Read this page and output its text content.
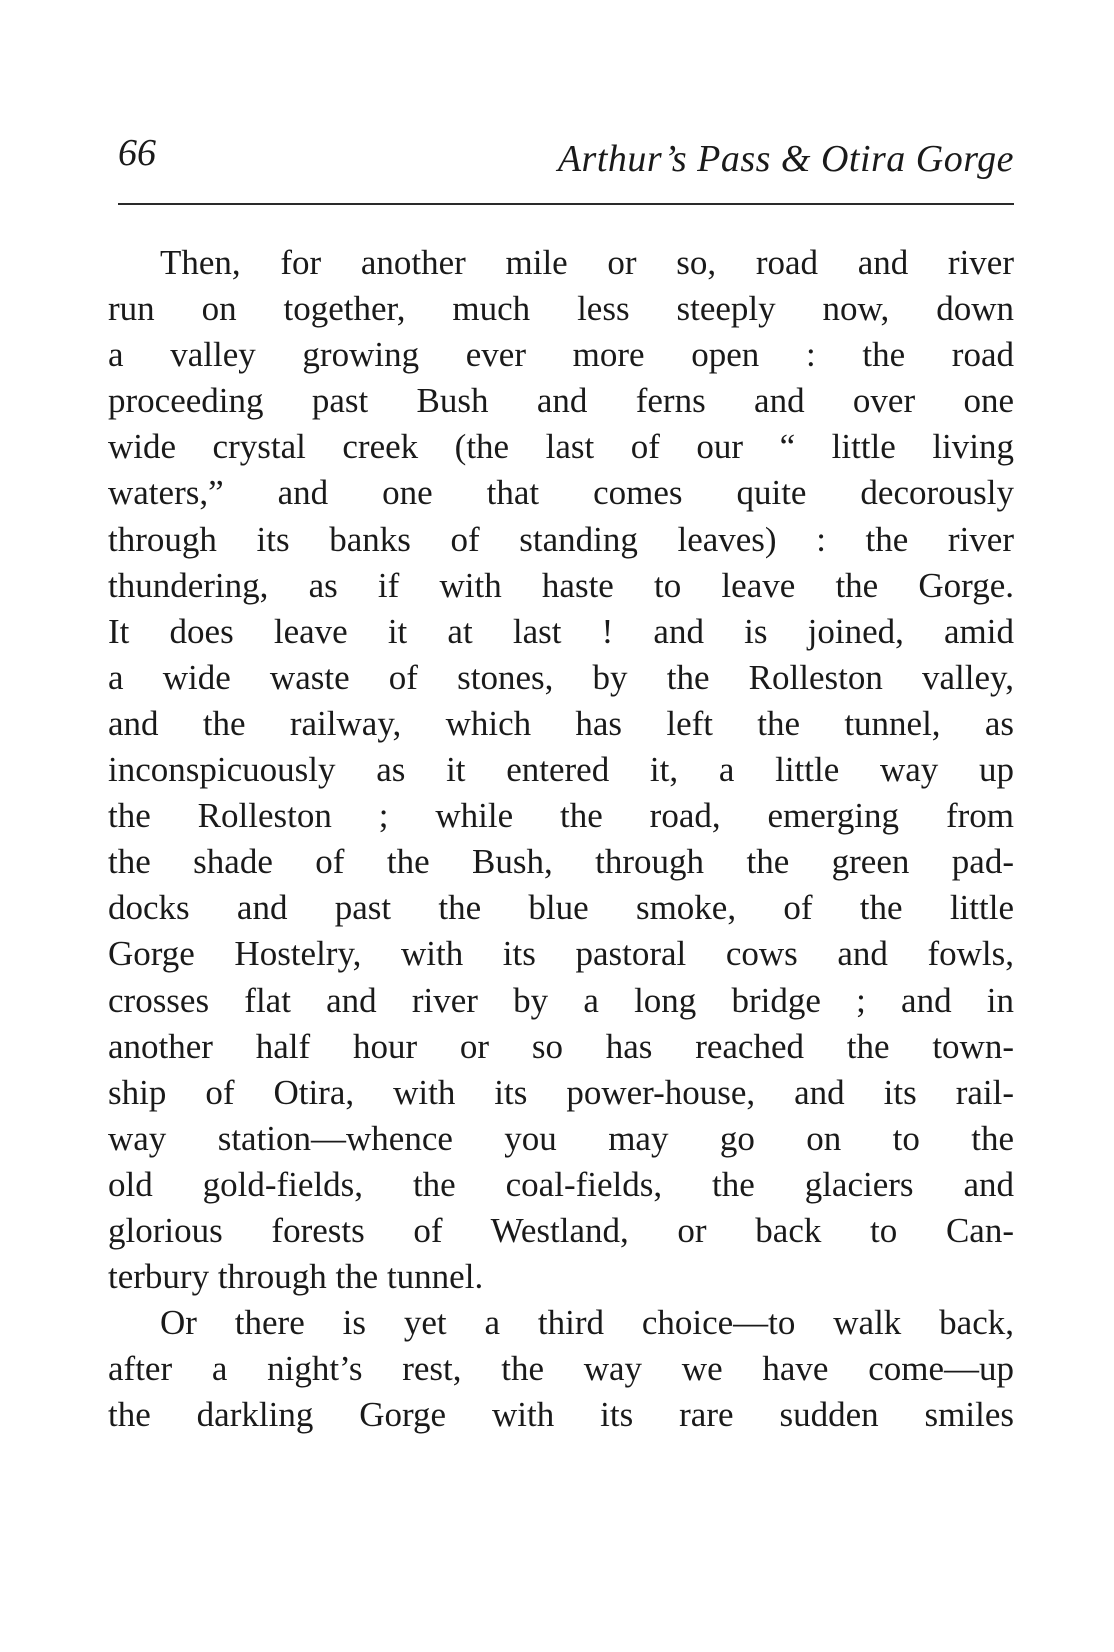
66	Arthur’s Pass & Otira Gorge
Then, for another mile or so, road and river
run on together, much less steeply now, down
a valley growing ever more open : the road
proceeding past Bush and ferns and over one
wide crystal creek (the last of our “ little living
waters,” and one that comes quite decorously
through its banks of standing leaves) : the river
thundering, as if with haste to leave the Gorge.
It does leave it at last ! and is joined, amid
a wide waste of stones, by the Rolleston valley,
and the railway, which has left the tunnel, as
inconspicuously as it entered it, a little way up
the Rolleston ; while the road, emerging from
the shade of the Bush, through the green pad-
docks and past the blue smoke, of the little
Gorge Hostelry, with its pastoral cows and fowls,
crosses flat and river by a long bridge ; and in
another half hour or so has reached the town-
ship of Otira, with its power-house, and its rail-
way station—whence you may go on to the
old gold-fields, the coal-fields, the glaciers and
glorious forests of Westland, or back to Can-
terbury through the tunnel.
Or there is yet a third choice—to walk back,
after a night’s rest, the way we have come—up
the darkling Gorge with its rare sudden smiles
